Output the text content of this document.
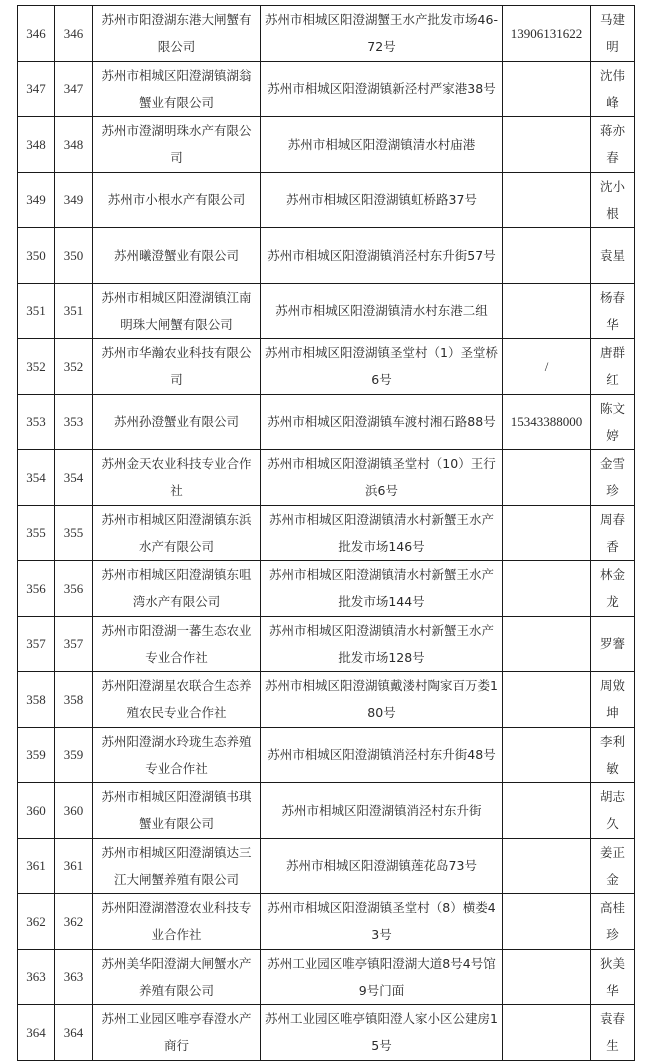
346	346	苏州市阳澄湖东港大闸蟹有限公司	苏州市相城区阳澄湖蟹王水产批发市场46-72号	13906131622	马建明
347	347	苏州市相城区阳澄湖镇湖翁蟹业有限公司	苏州市相城区阳澄湖镇新泾村严家港38号		沈伟峰
348	348	苏州市澄湖明珠水产有限公司	苏州市相城区阳澄湖镇清水村庙港		蒋亦春
349	349	苏州市小根水产有限公司	苏州市相城区阳澄湖镇虹桥路37号		沈小根
350	350	苏州曦澄蟹业有限公司	苏州市相城区阳澄湖镇消泾村东升街57号		袁星
351	351	苏州市相城区阳澄湖镇江南明珠大闸蟹有限公司	苏州市相城区阳澄湖镇清水村东港二组		杨春华
352	352	苏州市华瀚农业科技有限公司	苏州市相城区阳澄湖镇圣堂村（1）圣堂桥6号	/	唐群红
353	353	苏州孙澄蟹业有限公司	苏州市相城区阳澄湖镇车渡村湘石路88号	15343388000	陈文婷
354	354	苏州金天农业科技专业合作社	苏州市相城区阳澄湖镇圣堂村（10）王行浜6号		金雪珍
355	355	苏州市相城区阳澄湖镇东浜水产有限公司	苏州市相城区阳澄湖镇清水村新蟹王水产批发市场146号		周春香
356	356	苏州市相城区阳澄湖镇东咀湾水产有限公司	苏州市相城区阳澄湖镇清水村新蟹王水产批发市场144号		林金龙
357	357	苏州市阳澄湖一蕃生态农业专业合作社	苏州市相城区阳澄湖镇清水村新蟹王水产批发市场128号		罗謇
358	358	苏州阳澄湖星农联合生态养殖农民专业合作社	苏州市相城区阳澄湖镇戴溇村陶家百万娄180号		周敓坤
359	359	苏州阳澄湖水玲珑生态养殖专业合作社	苏州市相城区阳澄湖镇消泾村东升街48号		李利敏
360	360	苏州市相城区阳澄湖镇书琪蟹业有限公司	苏州市相城区阳澄湖镇消泾村东升街		胡志久
361	361	苏州市相城区阳澄湖镇达三江大闸蟹养殖有限公司	苏州市相城区阳澄湖镇莲花岛73号		姜正金
362	362	苏州阳澄湖潜澄农业科技专业合作社	苏州市相城区阳澄湖镇圣堂村（8）横娄43号		高桂珍
363	363	苏州美华阳澄湖大闸蟹水产养殖有限公司	苏州工业园区唯亭镇阳澄湖大道8号4号馆9号门面		狄美华
364	364	苏州工业园区唯亭春澄水产商行	苏州工业园区唯亭镇阳澄人家小区公建房15号		袁春生
